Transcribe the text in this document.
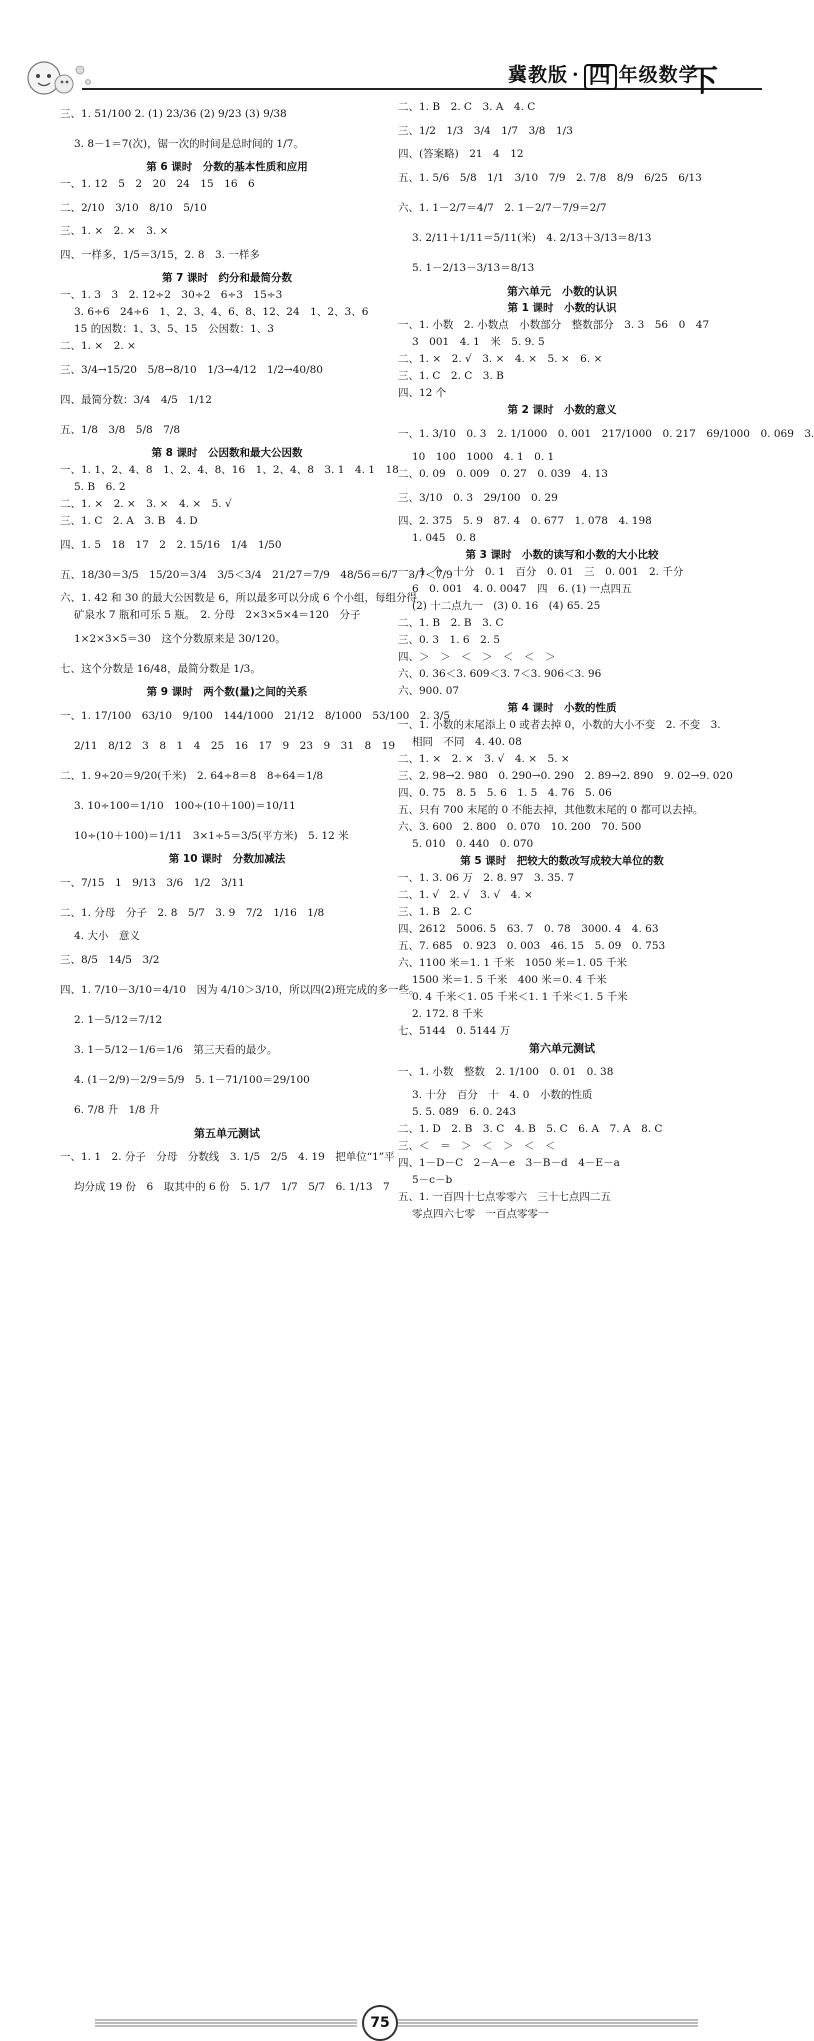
冀教版 · 四 年级数学
下
三、1. 51/100 2. (1) 23/36 (2) 9/23 (3) 9/38
3. 8－1＝7(次)，锯一次的时间是总时间的 1/7。
第 6 课时　分数的基本性质和应用
一、1. 12　5　2　20　24　15　16　6
二、2/10　3/10　8/10　5/10
三、1. ×　2. ×　3. ×
四、一样多，1/5＝3/15，2. 8　3. 一样多
第 7 课时　约分和最简分数
一、1. 3　3　2. 12÷2　30÷2　6÷3　15÷3
3. 6÷6　24÷6　1、2、3、4、6、8、12、24　1、2、3、6
15 的因数：1、3、5、15　公因数：1、3
二、1. ×　2. ×
三、3/4→15/20　5/8→8/10　1/3→4/12　1/2→40/80
四、最简分数：3/4　4/5　1/12
五、1/8　3/8　5/8　7/8
第 8 课时　公因数和最大公因数
一、1. 1、2、4、8　1、2、4、8、16　1、2、4、8　3. 1　4. 1　18
5. B　6. 2
二、1. ×　2. ×　3. ×　4. ×　5. √
三、1. C　2. A　3. B　4. D
四、1. 5　18　17　2　2. 15/16　1/4　1/50
五、18/30＝3/5　15/20＝3/4　3/5＜3/4　21/27＝7/9　48/56＝6/7　3/7＜7/9
六、1. 42 和 30 的最大公因数是 6，所以最多可以分成 6 个小组，每组分得
矿泉水 7 瓶和可乐 5 瓶。　2. 分母　2×3×5×4＝120　分子
1×2×3×5＝30　这个分数原来是 30/120。
七、这个分数是 16/48，最简分数是 1/3。
第 9 课时　两个数(量)之间的关系
一、1. 17/100　63/10　9/100　144/1000　21/12　8/1000　53/100　2. 3/5
2/11　8/12　3　8　1　4　25　16　17　9　23　9　31　8　19
二、1. 9÷20＝9/20(千米)　2. 64÷8＝8　8÷64＝1/8
3. 10÷100＝1/10　100÷(10＋100)＝10/11
10÷(10＋100)＝1/11　3×1÷5＝3/5(平方米)　5. 12 米
第 10 课时　分数加减法
一、7/15　1　9/13　3/6　1/2　3/11
二、1. 分母　分子　2. 8　5/7　3. 9　7/2　1/16　1/8
4. 大小　意义
三、8/5　14/5　3/2
四、1. 7/10－3/10＝4/10　因为 4/10＞3/10，所以四(2)班完成的多一些。
2. 1－5/12＝7/12
3. 1－5/12－1/6＝1/6　第三天看的最少。
4. (1－2/9)－2/9＝5/9　5. 1－71/100＝29/100
6. 7/8 升　1/8 升
第五单元测试
一、1. 1　2. 分子　分母　分数线　3. 1/5　2/5　4. 19　把单位“1”平
均分成 19 份　6　取其中的 6 份　5. 1/7　1/7　5/7　6. 1/13　7
二、1. B　2. C　3. A　4. C
三、1/2　1/3　3/4　1/7　3/8　1/3
四、(答案略)　21　4　12
五、1. 5/6　5/8　1/1　3/10　7/9　2. 7/8　8/9　6/25　6/13
六、1. 1－2/7＝4/7　2. 1－2/7－7/9＝2/7
3. 2/11＋1/11＝5/11(米)　4. 2/13＋3/13＝8/13
5. 1－2/13－3/13＝8/13
第六单元　小数的认识
第 1 课时　小数的认识
一、1. 小数　2. 小数点　小数部分　整数部分　3. 3　56　0　47
3　001　4. 1　米　5. 9. 5
二、1. ×　2. √　3. ×　4. ×　5. ×　6. ×
三、1. C　2. C　3. B
四、12 个
第 2 课时　小数的意义
一、1. 3/10　0. 3　2. 1/1000　0. 001　217/1000　0. 217　69/1000　0. 069　3.
10　100　1000　4. 1　0. 1
二、0. 09　0. 009　0. 27　0. 039　4. 13
三、3/10　0. 3　29/100　0. 29
四、2. 375　5. 9　87. 4　0. 677　1. 078　4. 198
1. 045　0. 8
第 3 课时　小数的读写和小数的大小比较
一、1. 个　十分　0. 1　百分　0. 01　三　0. 001　2. 千分
6　0. 001　4. 0. 0047　四　6. (1) 一点四五
(2) 十二点九一　(3) 0. 16　(4) 65. 25
二、1. B　2. B　3. C
三、0. 3　1. 6　2. 5
四、＞　＞　＜　＞　＜　＜　＞
六、0. 36＜3. 609＜3. 7＜3. 906＜3. 96
六、900. 07
第 4 课时　小数的性质
一、1. 小数的末尾添上 0 或者去掉 0，小数的大小不变　2. 不变　3.
相同　不同　4. 40. 08
二、1. ×　2. ×　3. √　4. ×　5. ×
三、2. 98→2. 980　0. 290→0. 290　2. 89→2. 890　9. 02→9. 020
四、0. 75　8. 5　5. 6　1. 5　4. 76　5. 06
五、只有 700 末尾的 0 不能去掉，其他数末尾的 0 都可以去掉。
六、3. 600　2. 800　0. 070　10. 200　70. 500
5. 010　0. 440　0. 070
第 5 课时　把较大的数改写成较大单位的数
一、1. 3. 06 万　2. 8. 97　3. 35. 7
二、1. √　2. √　3. √　4. ×
三、1. B　2. C
四、2612　5006. 5　63. 7　0. 78　3000. 4　4. 63
五、7. 685　0. 923　0. 003　46. 15　5. 09　0. 753
六、1100 米＝1. 1 千米　1050 米＝1. 05 千米
1500 米＝1. 5 千米　400 米＝0. 4 千米
0. 4 千米＜1. 05 千米＜1. 1 千米＜1. 5 千米
2. 172. 8 千米
七、5144　0. 5144 万
第六单元测试
一、1. 小数　整数　2. 1/100　0. 01　0. 38
3. 十分　百分　十　4. 0　小数的性质
5. 5. 089　6. 0. 243
二、1. D　2. B　3. C　4. B　5. C　6. A　7. A　8. C
三、＜　＝　＞　＜　＞　＜　＜
四、1－D－C　2－A－e　3－B－d　4－E－a
5－c－b
五、1. 一百四十七点零零六　三十七点四二五
零点四六七零　一百点零零一
75
